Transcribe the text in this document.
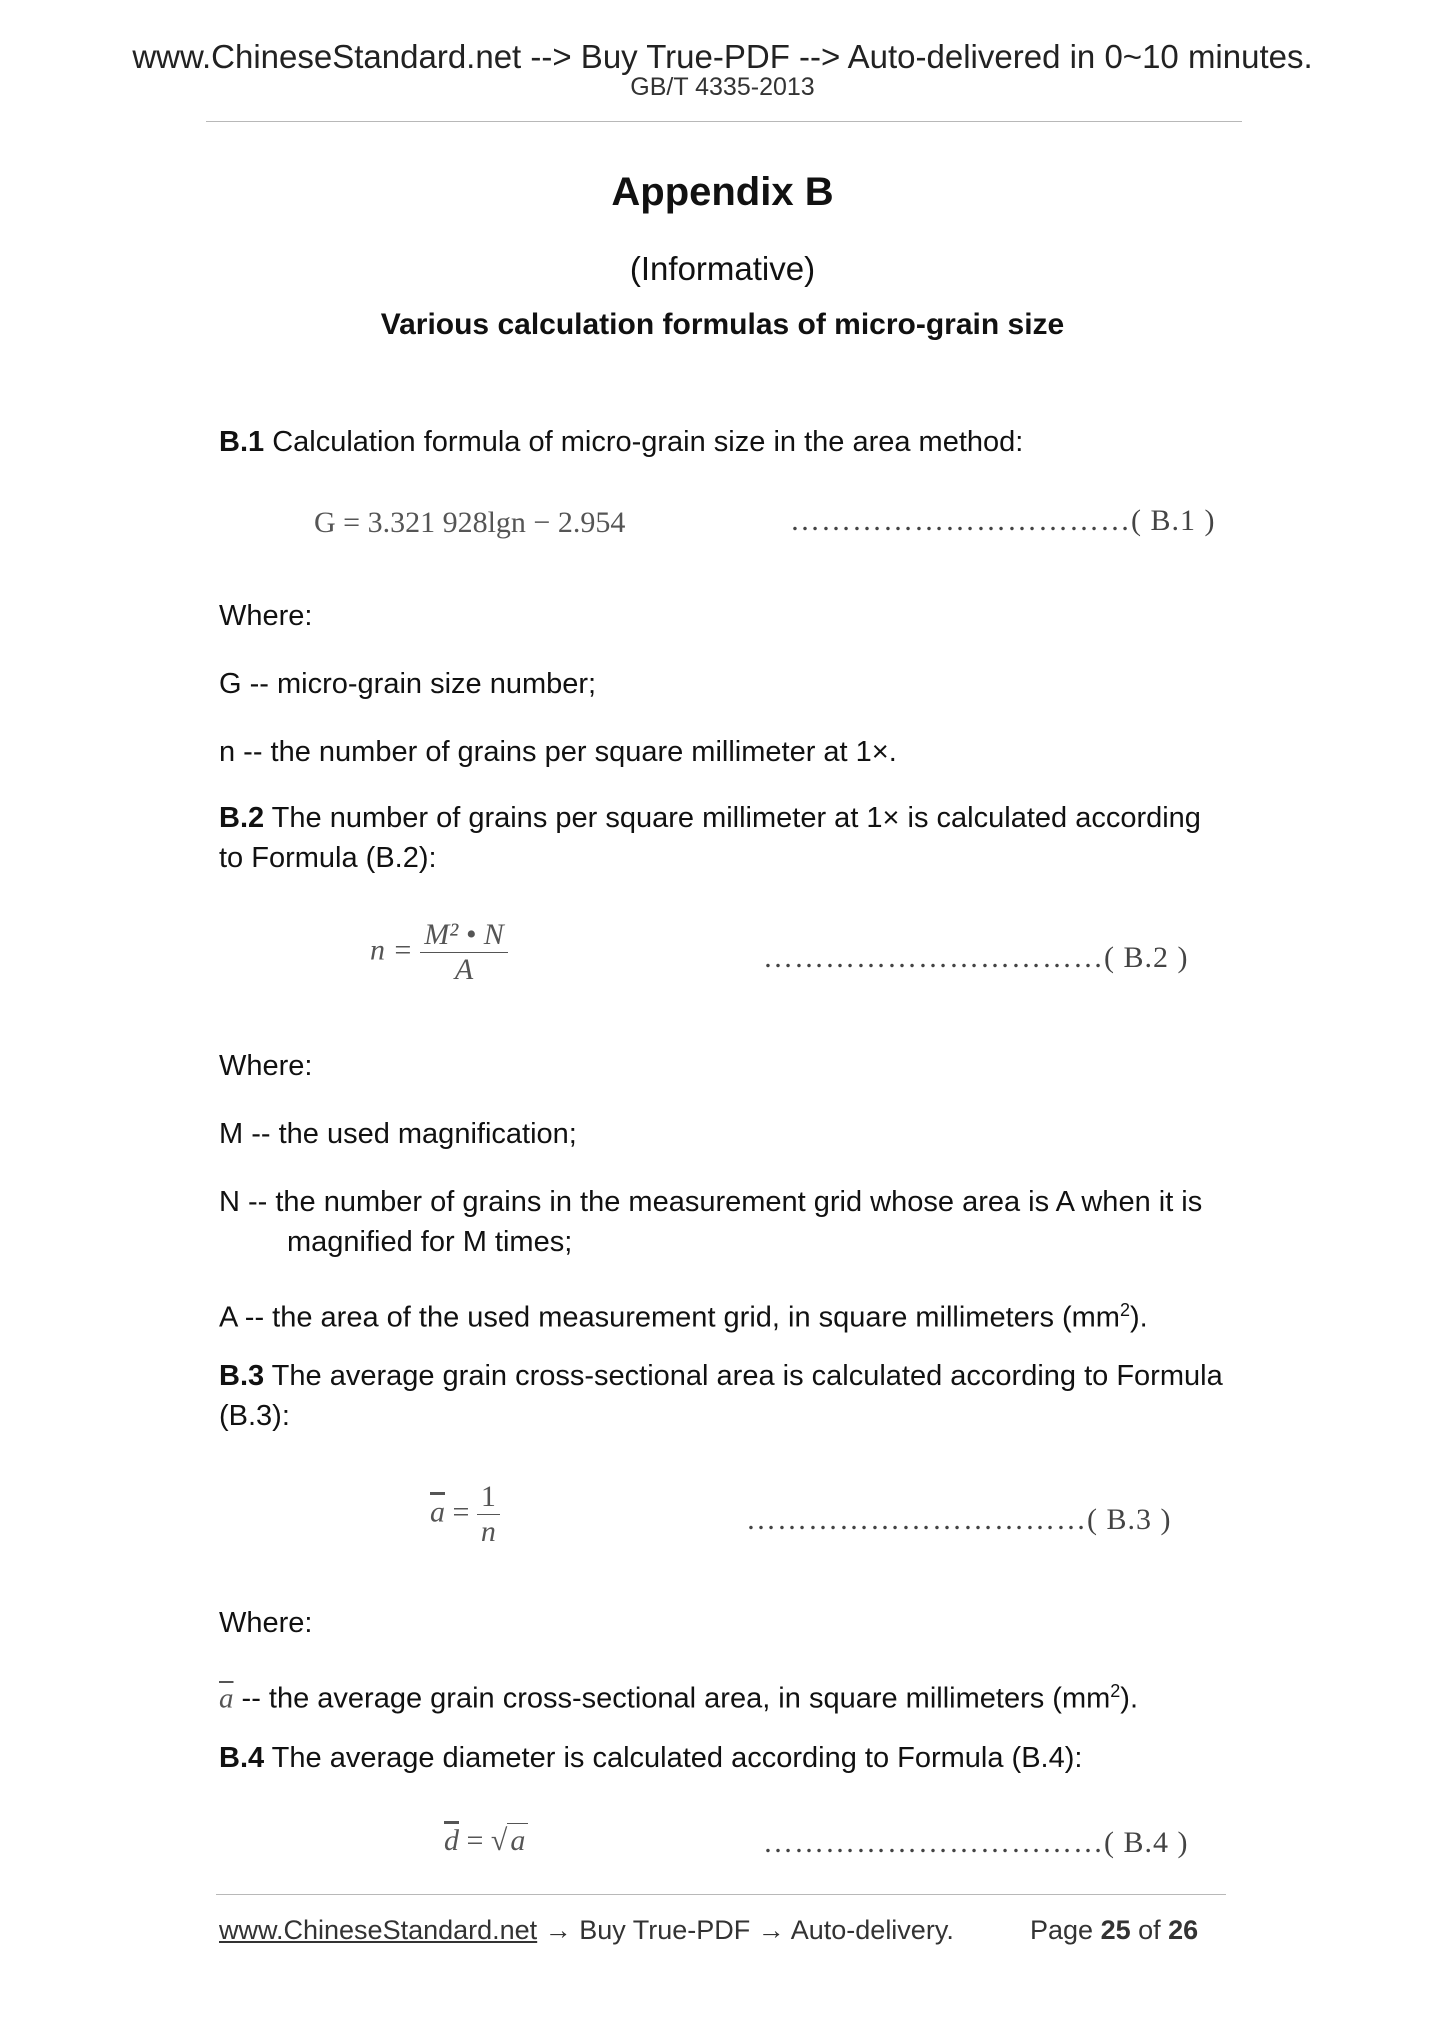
www.ChineseStandard.net --> Buy True-PDF --> Auto-delivered in 0~10 minutes.
GB/T 4335-2013
Appendix B
(Informative)
Various calculation formulas of micro-grain size
B.1 Calculation formula of micro-grain size in the area method:
G = 3.321 928lgn − 2.954	……………………………( B.1 )
Where:
G -- micro-grain size number;
n -- the number of grains per square millimeter at 1×.
B.2 The number of grains per square millimeter at 1× is calculated according to Formula (B.2):
$n = \frac{\text{M² • N}}{A}$	……………………………( B.2 )
Where:
M -- the used magnification;
N -- the number of grains in the measurement grid whose area is A when it is
magnified for M times;
A -- the area of the used measurement grid, in square millimeters $(mm^2)$.
B.3 The average grain cross-sectional area is calculated according to Formula (B.3):
$\overline{a} = \frac{1}{n}$	……………………………( B.3 )
Where:
$\overline{a}$ -- the average grain cross-sectional area, in square millimeters $(mm^2)$.
B.4 The average diameter is calculated according to Formula (B.4):
$\overline{d}$ = √ a	……………………………( B.4 )
www.ChineseStandard.net → Buy True-PDF → Auto-delivery.	Page 25 of 26
